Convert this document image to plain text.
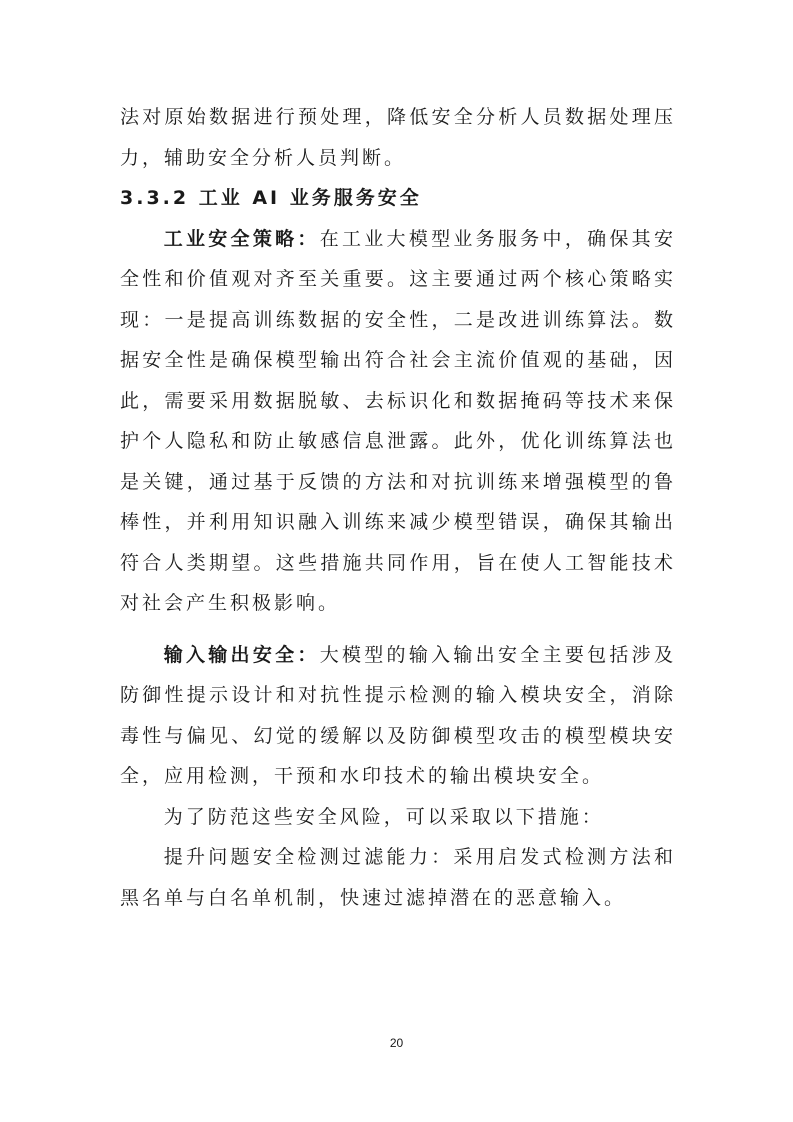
法对原始数据进行预处理，降低安全分析人员数据处理压力，辅助安全分析人员判断。

3.3.2 工业 AI 业务服务安全

工业安全策略：在工业大模型业务服务中，确保其安全性和价值观对齐至关重要。这主要通过两个核心策略实现：一是提高训练数据的安全性，二是改进训练算法。数据安全性是确保模型输出符合社会主流价值观的基础，因此，需要采用数据脱敏、去标识化和数据掩码等技术来保护个人隐私和防止敏感信息泄露。此外，优化训练算法也是关键，通过基于反馈的方法和对抗训练来增强模型的鲁棒性，并利用知识融入训练来减少模型错误，确保其输出符合人类期望。这些措施共同作用，旨在使人工智能技术对社会产生积极影响。

输入输出安全：大模型的输入输出安全主要包括涉及防御性提示设计和对抗性提示检测的输入模块安全，消除毒性与偏见、幻觉的缓解以及防御模型攻击的模型模块安全，应用检测，干预和水印技术的输出模块安全。

为了防范这些安全风险，可以采取以下措施：

提升问题安全检测过滤能力：采用启发式检测方法和黑名单与白名单机制，快速过滤掉潜在的恶意输入。

20
